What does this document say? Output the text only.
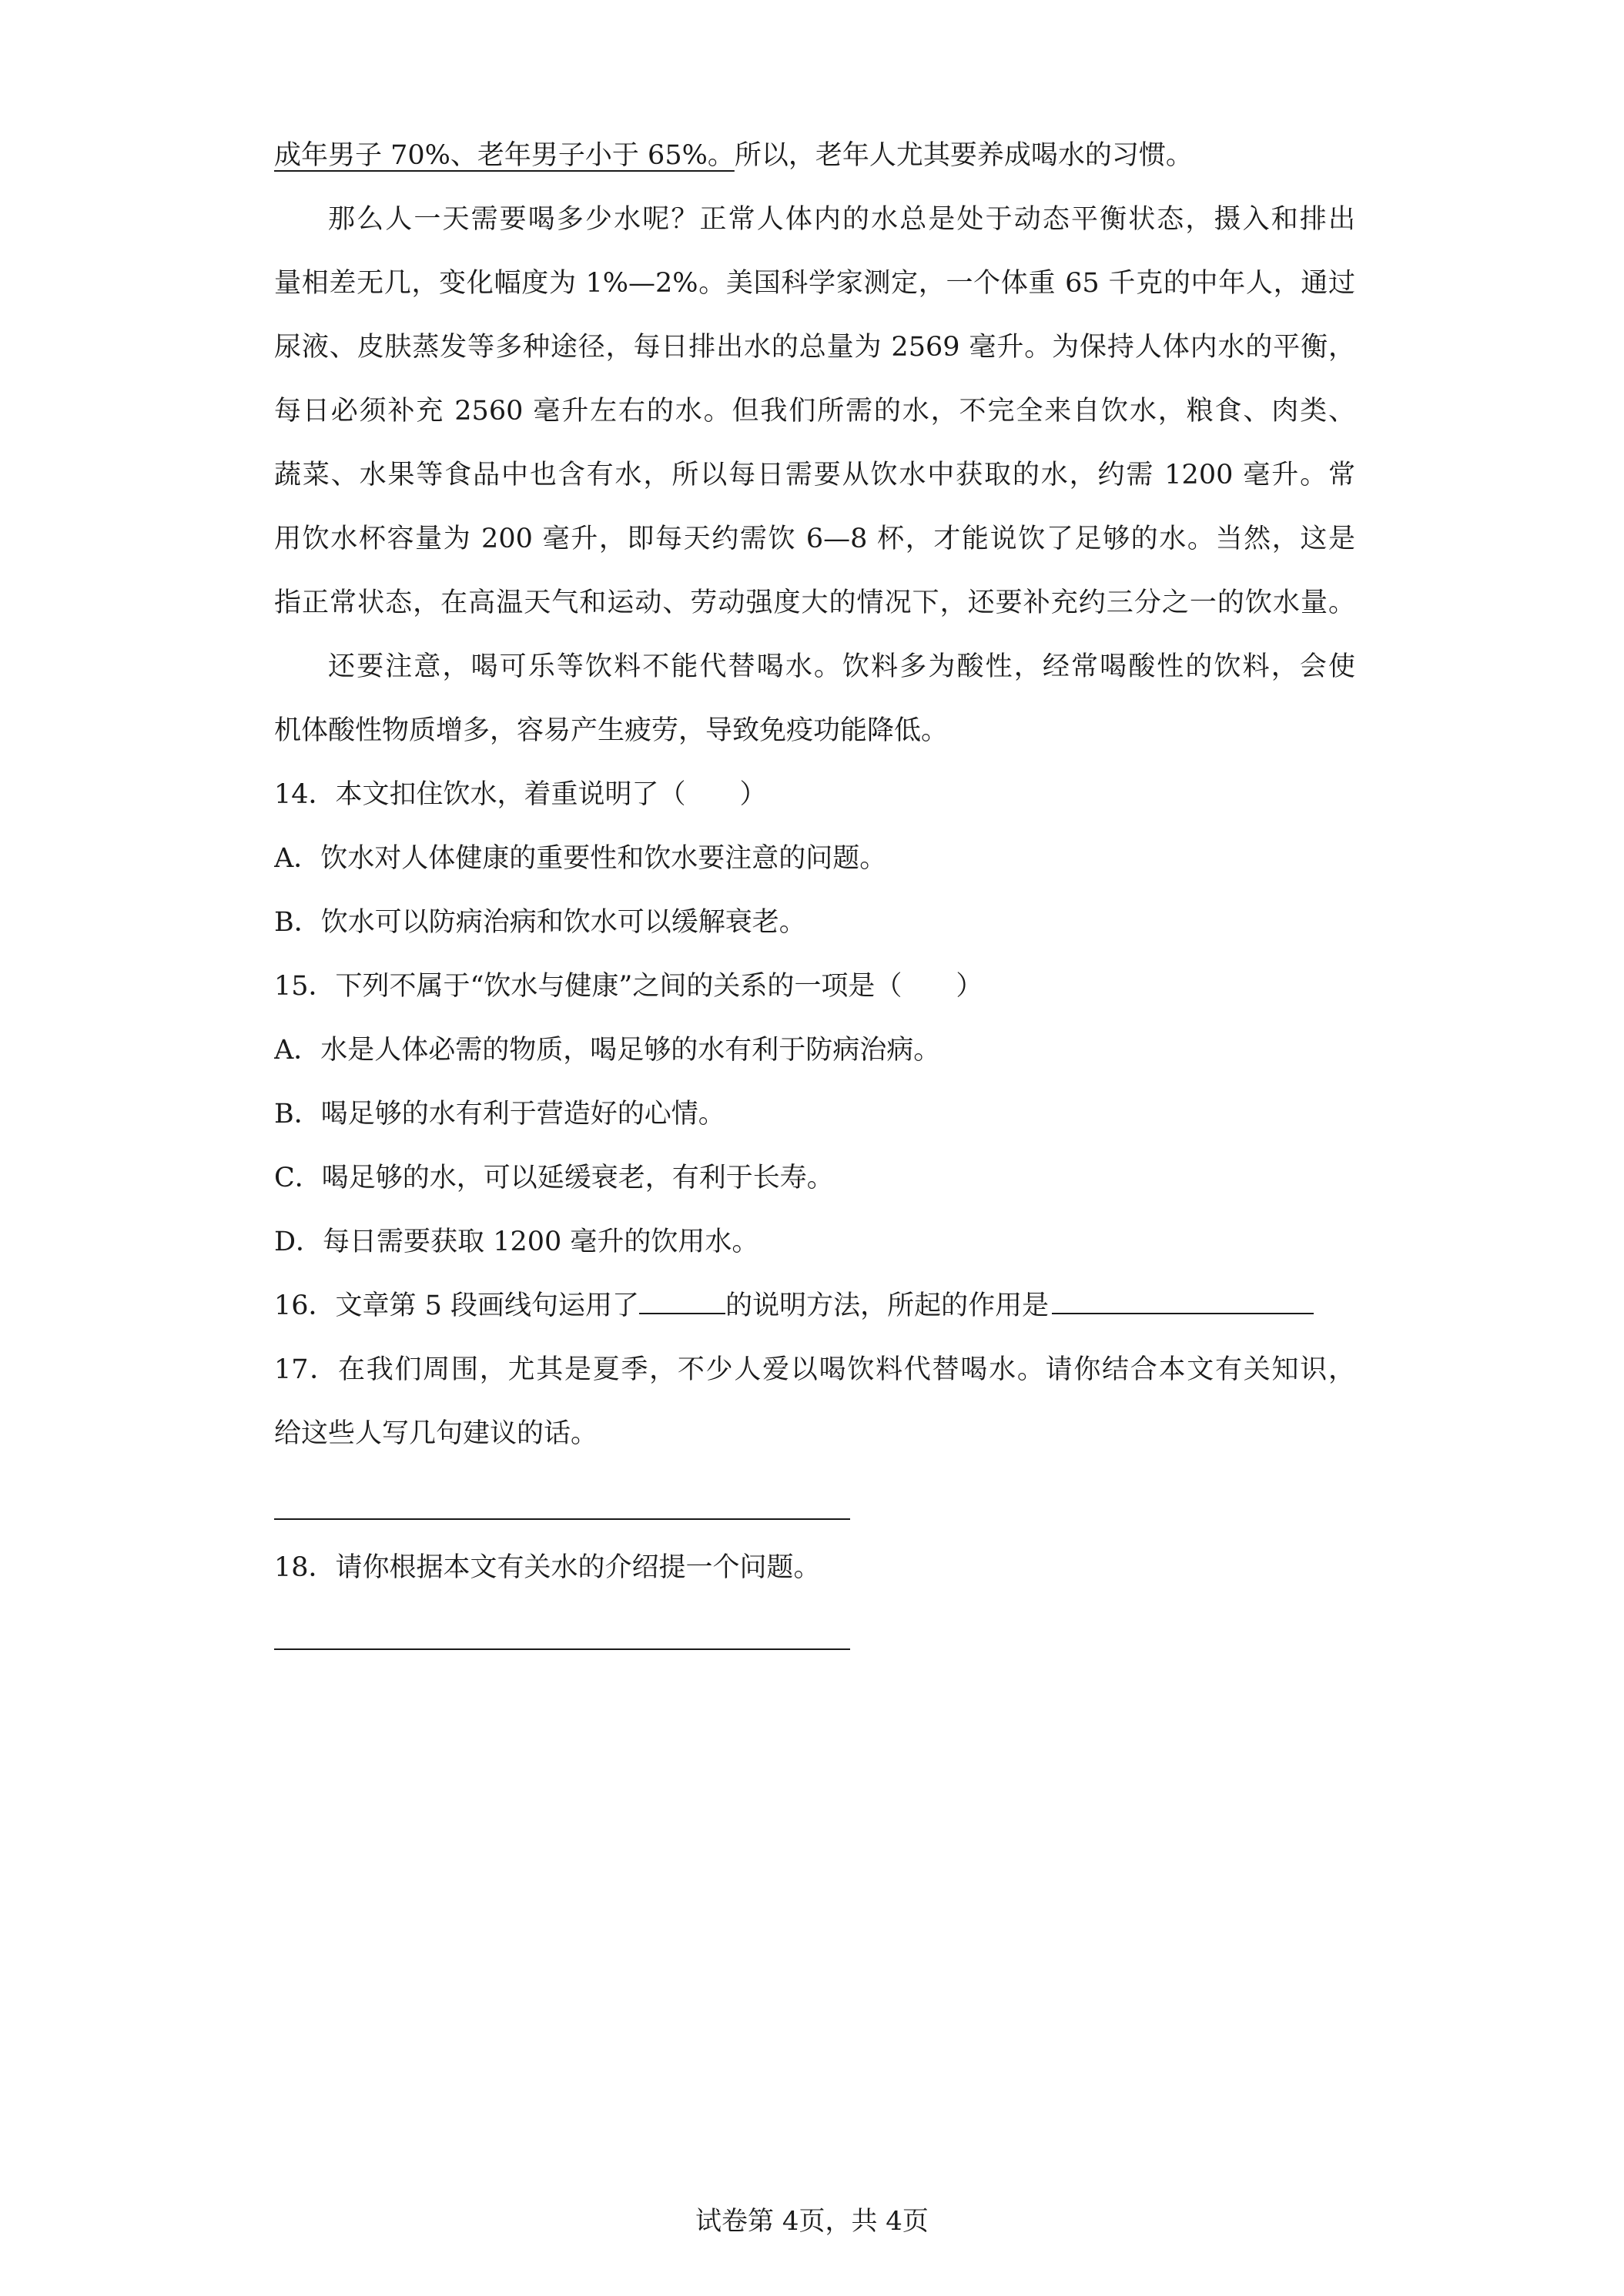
成年男子 70%、老年男子小于 65%。所以，老年人尤其要养成喝水的习惯。
那么人一天需要喝多少水呢？正常人体内的水总是处于动态平衡状态，摄入和排出
量相差无几，变化幅度为 1%—2%。美国科学家测定，一个体重 65 千克的中年人，通过
尿液、皮肤蒸发等多种途径，每日排出水的总量为 2569 毫升。为保持人体内水的平衡，
每日必须补充 2560 毫升左右的水。但我们所需的水，不完全来自饮水，粮食、肉类、
蔬菜、水果等食品中也含有水，所以每日需要从饮水中获取的水，约需 1200 毫升。常
用饮水杯容量为 200 毫升，即每天约需饮 6—8 杯，才能说饮了足够的水。当然，这是
指正常状态，在高温天气和运动、劳动强度大的情况下，还要补充约三分之一的饮水量。
还要注意，喝可乐等饮料不能代替喝水。饮料多为酸性，经常喝酸性的饮料，会使
机体酸性物质增多，容易产生疲劳，导致免疫功能降低。
14．本文扣住饮水，着重说明了（　　）
A．饮水对人体健康的重要性和饮水要注意的问题。
B．饮水可以防病治病和饮水可以缓解衰老。
15．下列不属于“饮水与健康”之间的关系的一项是（　　）
A．水是人体必需的物质，喝足够的水有利于防病治病。
B．喝足够的水有利于营造好的心情。
C．喝足够的水，可以延缓衰老，有利于长寿。
D．每日需要获取 1200 毫升的饮用水。
16．文章第 5 段画线句运用了	的说明方法，所起的作用是
17．在我们周围，尤其是夏季，不少人爱以喝饮料代替喝水。请你结合本文有关知识，
给这些人写几句建议的话。
18．请你根据本文有关水的介绍提一个问题。
试卷第 4页，共 4页
